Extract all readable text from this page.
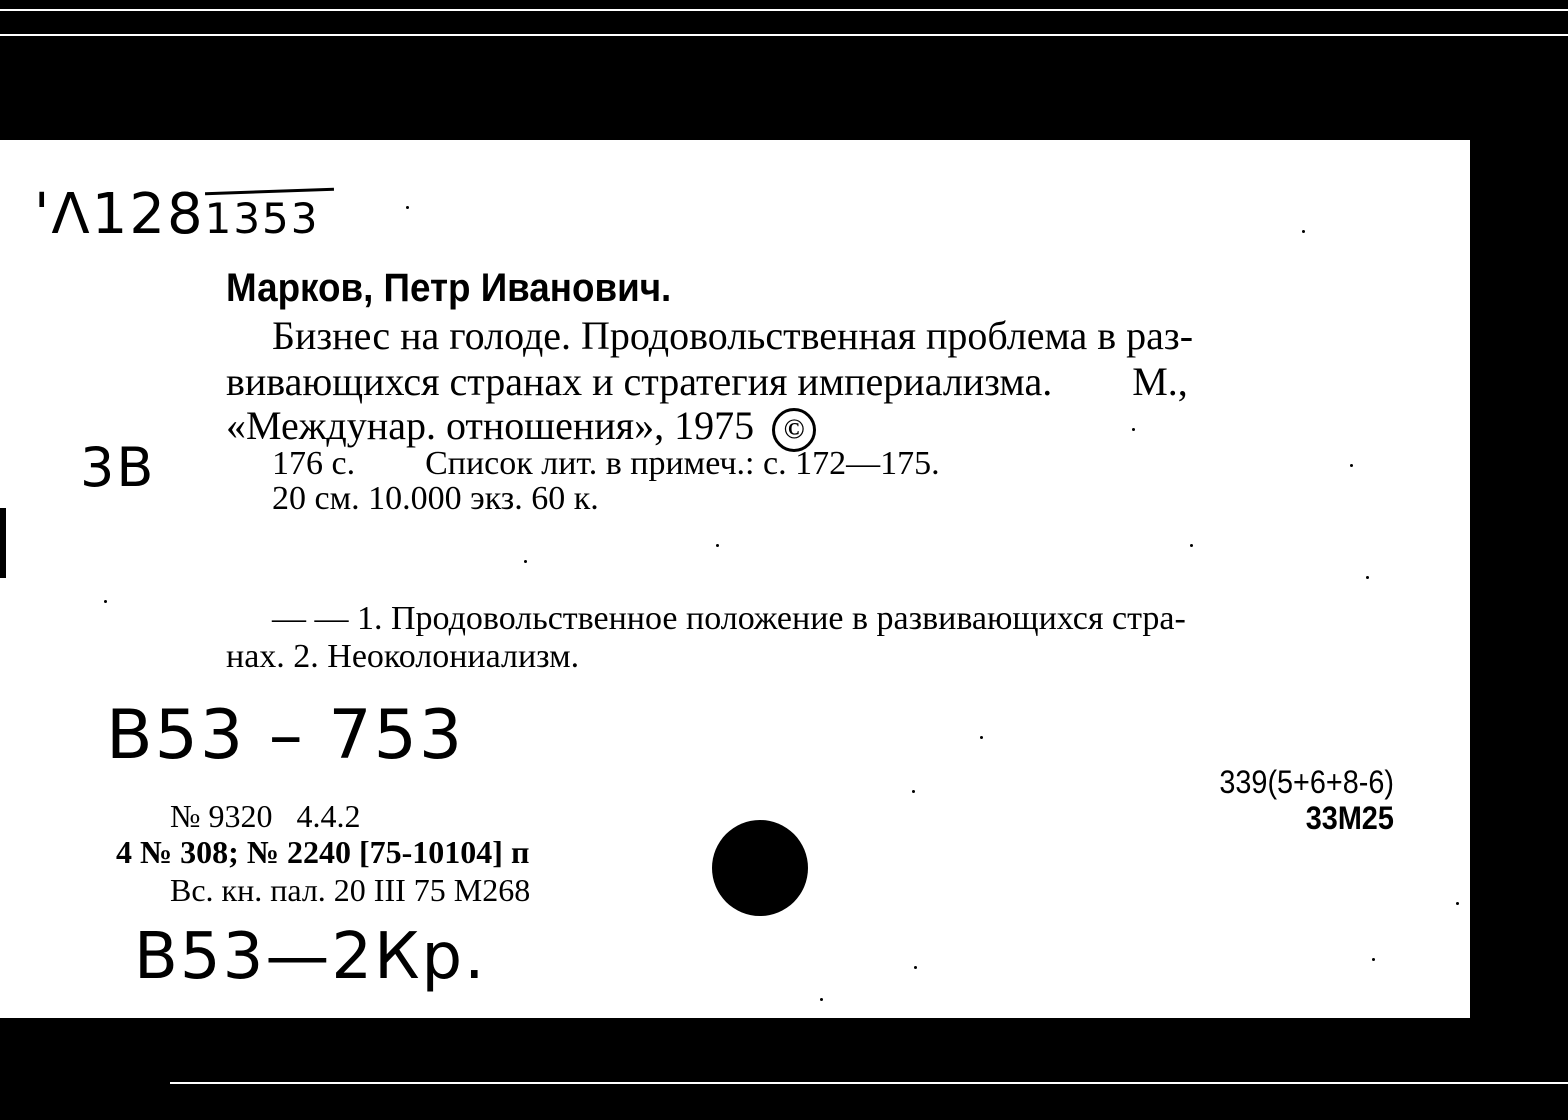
'Λ1281353
3B
Марков, Петр Иванович.
Бизнес на голоде. Продовольственная проблема в раз-
вивающихся странах и стратегия империализма.        М.,
«Междунар. отношения», 1975 ©
176 с. Список лит. в примеч.: с. 172—175.
20 см. 10.000 экз. 60 к.
— — 1. Продовольственное положение в развивающихся стра-
нах. 2. Неоколониализм.
B53 – 753
№ 9320   4.4.2
4 № 308; № 2240 [75-10104] п
Вс. кн. пал. 20 III 75 М268
339(5+6+8-6)
33М25
B53—2Кр.
